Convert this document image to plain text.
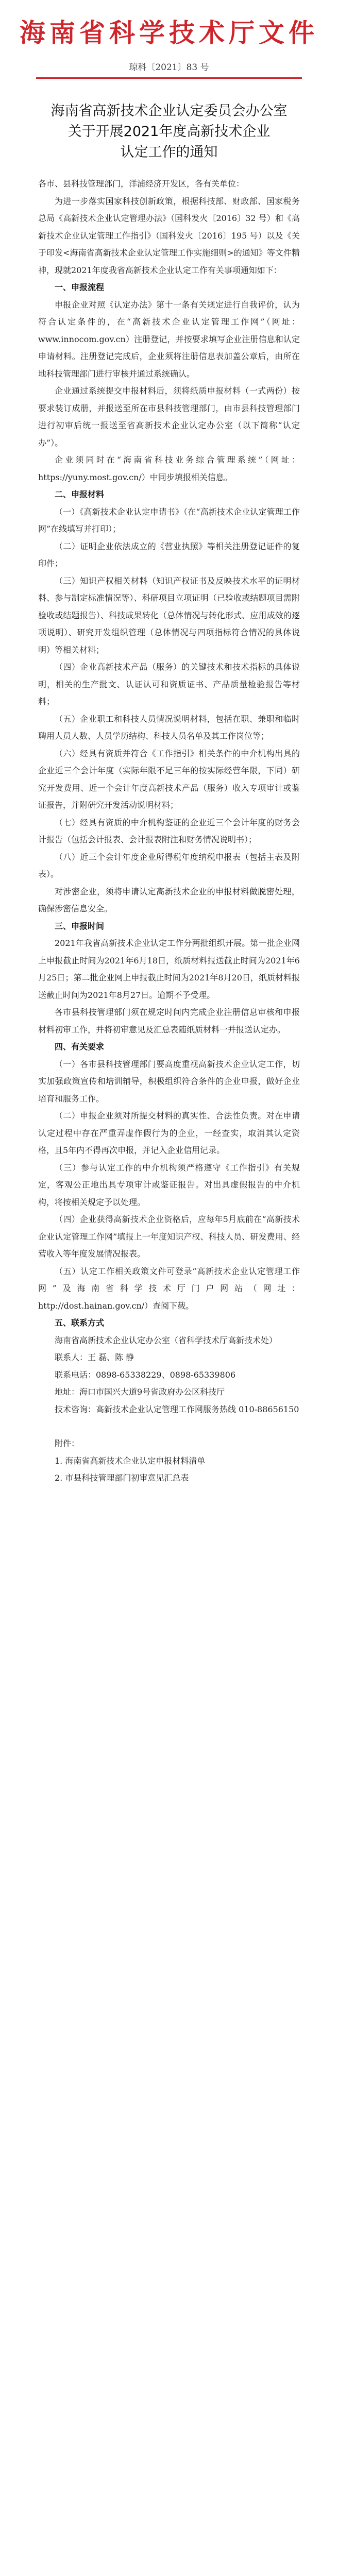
海南省科学技术厅文件
琼科〔2021〕83 号
海南省高新技术企业认定委员会办公室
关于开展2021年度高新技术企业
认定工作的通知

各市、县科技管理部门，洋浦经济开发区，各有关单位：

为进一步落实国家科技创新政策，根据科技部、财政部、国家税务总局《高新技术企业认定管理办法》（国科发火〔2016〕32 号）和《高新技术企业认定管理工作指引》（国科发火〔2016〕195 号）以及《关于印发<海南省高新技术企业认定管理工作实施细则>的通知》等文件精神，现就2021年度我省高新技术企业认定工作有关事项通知如下：

一、申报流程

申报企业对照《认定办法》第十一条有关规定进行自我评价，认为符合认定条件的，在“高新技术企业认定管理工作网”（网址：www.innocom.gov.cn）注册登记，并按要求填写企业注册信息和认定申请材料。注册登记完成后，企业须将注册信息表加盖公章后，由所在地科技管理部门进行审核并通过系统确认。

企业通过系统提交申报材料后，须将纸质申报材料（一式两份）按要求装订成册，并报送至所在市县科技管理部门，由市县科技管理部门进行初审后统一报送至省高新技术企业认定办公室（以下简称“认定办”）。

企业须同时在“海南省科技业务综合管理系统”（网址：https://yuny.most.gov.cn/）中同步填报相关信息。

二、申报材料

（一）《高新技术企业认定申请书》（在“高新技术企业认定管理工作网”在线填写并打印）；

（二）证明企业依法成立的《营业执照》等相关注册登记证件的复印件；

（三）知识产权相关材料（知识产权证书及反映技术水平的证明材料、参与制定标准情况等）、科研项目立项证明（已验收或结题项目需附验收或结题报告）、科技成果转化（总体情况与转化形式、应用成效的逐项说明）、研究开发组织管理（总体情况与四项指标符合情况的具体说明）等相关材料；

（四）企业高新技术产品（服务）的关键技术和技术指标的具体说明，相关的生产批文、认证认可和资质证书、产品质量检验报告等材料；

（五）企业职工和科技人员情况说明材料，包括在职、兼职和临时聘用人员人数、人员学历结构、科技人员名单及其工作岗位等；

（六）经具有资质并符合《工作指引》相关条件的中介机构出具的企业近三个会计年度（实际年限不足三年的按实际经营年限，下同）研究开发费用、近一个会计年度高新技术产品（服务）收入专项审计或鉴证报告，并附研究开发活动说明材料；

（七）经具有资质的中介机构鉴证的企业近三个会计年度的财务会计报告（包括会计报表、会计报表附注和财务情况说明书）；

（八）近三个会计年度企业所得税年度纳税申报表（包括主表及附表）。

对涉密企业，须将申请认定高新技术企业的申报材料做脱密处理，确保涉密信息安全。

三、申报时间

2021年我省高新技术企业认定工作分两批组织开展。第一批企业网上申报截止时间为2021年6月18日，纸质材料报送截止时间为2021年6月25日；第二批企业网上申报截止时间为2021年8月20日，纸质材料报送截止时间为2021年8月27日。逾期不予受理。

各市县科技管理部门须在规定时间内完成企业注册信息审核和申报材料初审工作，并将初审意见及汇总表随纸质材料一并报送认定办。

四、有关要求

（一）各市县科技管理部门要高度重视高新技术企业认定工作，切实加强政策宣传和培训辅导，积极组织符合条件的企业申报，做好企业培育和服务工作。

（二）申报企业须对所提交材料的真实性、合法性负责。对在申请认定过程中存在严重弄虚作假行为的企业，一经查实，取消其认定资格，且5年内不得再次申报，并记入企业信用记录。

（三）参与认定工作的中介机构须严格遵守《工作指引》有关规定，客观公正地出具专项审计或鉴证报告。对出具虚假报告的中介机构，将按相关规定予以处理。

（四）企业获得高新技术企业资格后，应每年5月底前在“高新技术企业认定管理工作网”填报上一年度知识产权、科技人员、研发费用、经营收入等年度发展情况报表。

（五）认定工作相关政策文件可登录“高新技术企业认定管理工作网”及海南省科学技术厅门户网站（网址：http://dost.hainan.gov.cn/）查阅下载。

五、联系方式

海南省高新技术企业认定办公室（省科学技术厅高新技术处）

联系人：王 磊、陈 静

联系电话：0898-65338229、0898-65339806

地址：海口市国兴大道9号省政府办公区科技厅

技术咨询：高新技术企业认定管理工作网服务热线 010-88656150

附件：

1. 海南省高新技术企业认定申报材料清单

2. 市县科技管理部门初审意见汇总表
